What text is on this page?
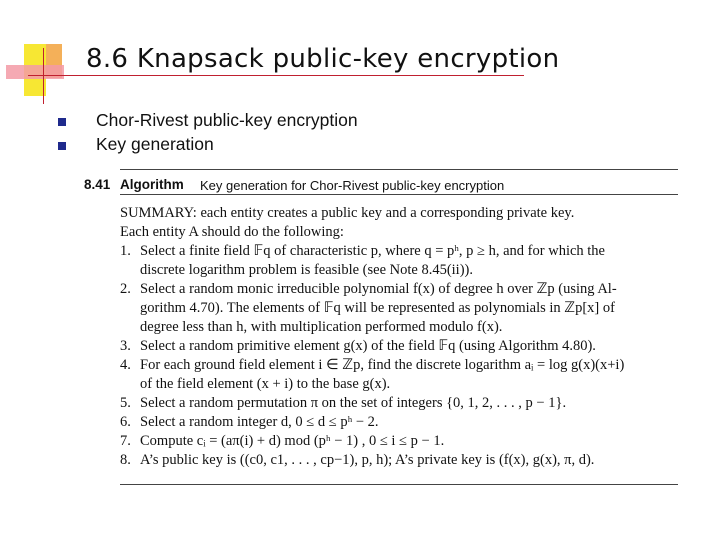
8.6 Knapsack public-key encryption
Chor-Rivest public-key encryption
Key generation
8.41 Algorithm Key generation for Chor-Rivest public-key encryption
SUMMARY: each entity creates a public key and a corresponding private key.
Each entity A should do the following:
1. Select a finite field 𝔽q of characteristic p, where q = pʰ, p ≥ h, and for which the
discrete logarithm problem is feasible (see Note 8.45(ii)).
2. Select a random monic irreducible polynomial f(x) of degree h over ℤp (using Al-
gorithm 4.70). The elements of 𝔽q will be represented as polynomials in ℤp[x] of
degree less than h, with multiplication performed modulo f(x).
3. Select a random primitive element g(x) of the field 𝔽q (using Algorithm 4.80).
4. For each ground field element i ∈ ℤp, find the discrete logarithm aᵢ = log g(x)(x+i)
of the field element (x + i) to the base g(x).
5. Select a random permutation π on the set of integers {0, 1, 2, . . . , p − 1}.
6. Select a random integer d, 0 ≤ d ≤ pʰ − 2.
7. Compute cᵢ = (aπ(i) + d) mod (pʰ − 1) , 0 ≤ i ≤ p − 1.
8. A’s public key is ((c0, c1, . . . , cp−1), p, h); A’s private key is (f(x), g(x), π, d).
